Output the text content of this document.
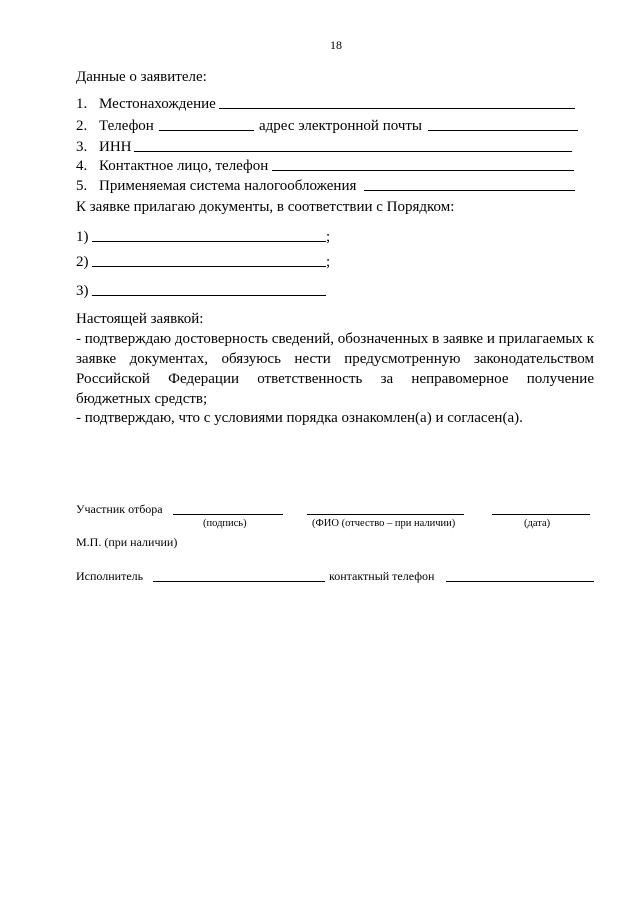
18
Данные о заявителе:
1. Местонахождение
2. Телефон	адрес электронной почты
3. ИНН
4. Контактное лицо, телефон
5. Применяемая система налогообложения
К заявке прилагаю документы, в соответствии с Порядком:
1)	;
2)	;
3)
Настоящей заявкой:
- подтверждаю достоверность сведений, обозначенных в заявке и прилагаемых к
заявке документах, обязуюсь нести предусмотренную законодательством
Российской Федерации ответственность за неправомерное получение
бюджетных средств;
- подтверждаю, что с условиями порядка ознакомлен(а) и согласен(а).
Участник отбора
(подпись)	(ФИО (отчество – при наличии)	(дата)
М.П. (при наличии)
Исполнитель	контактный телефон
